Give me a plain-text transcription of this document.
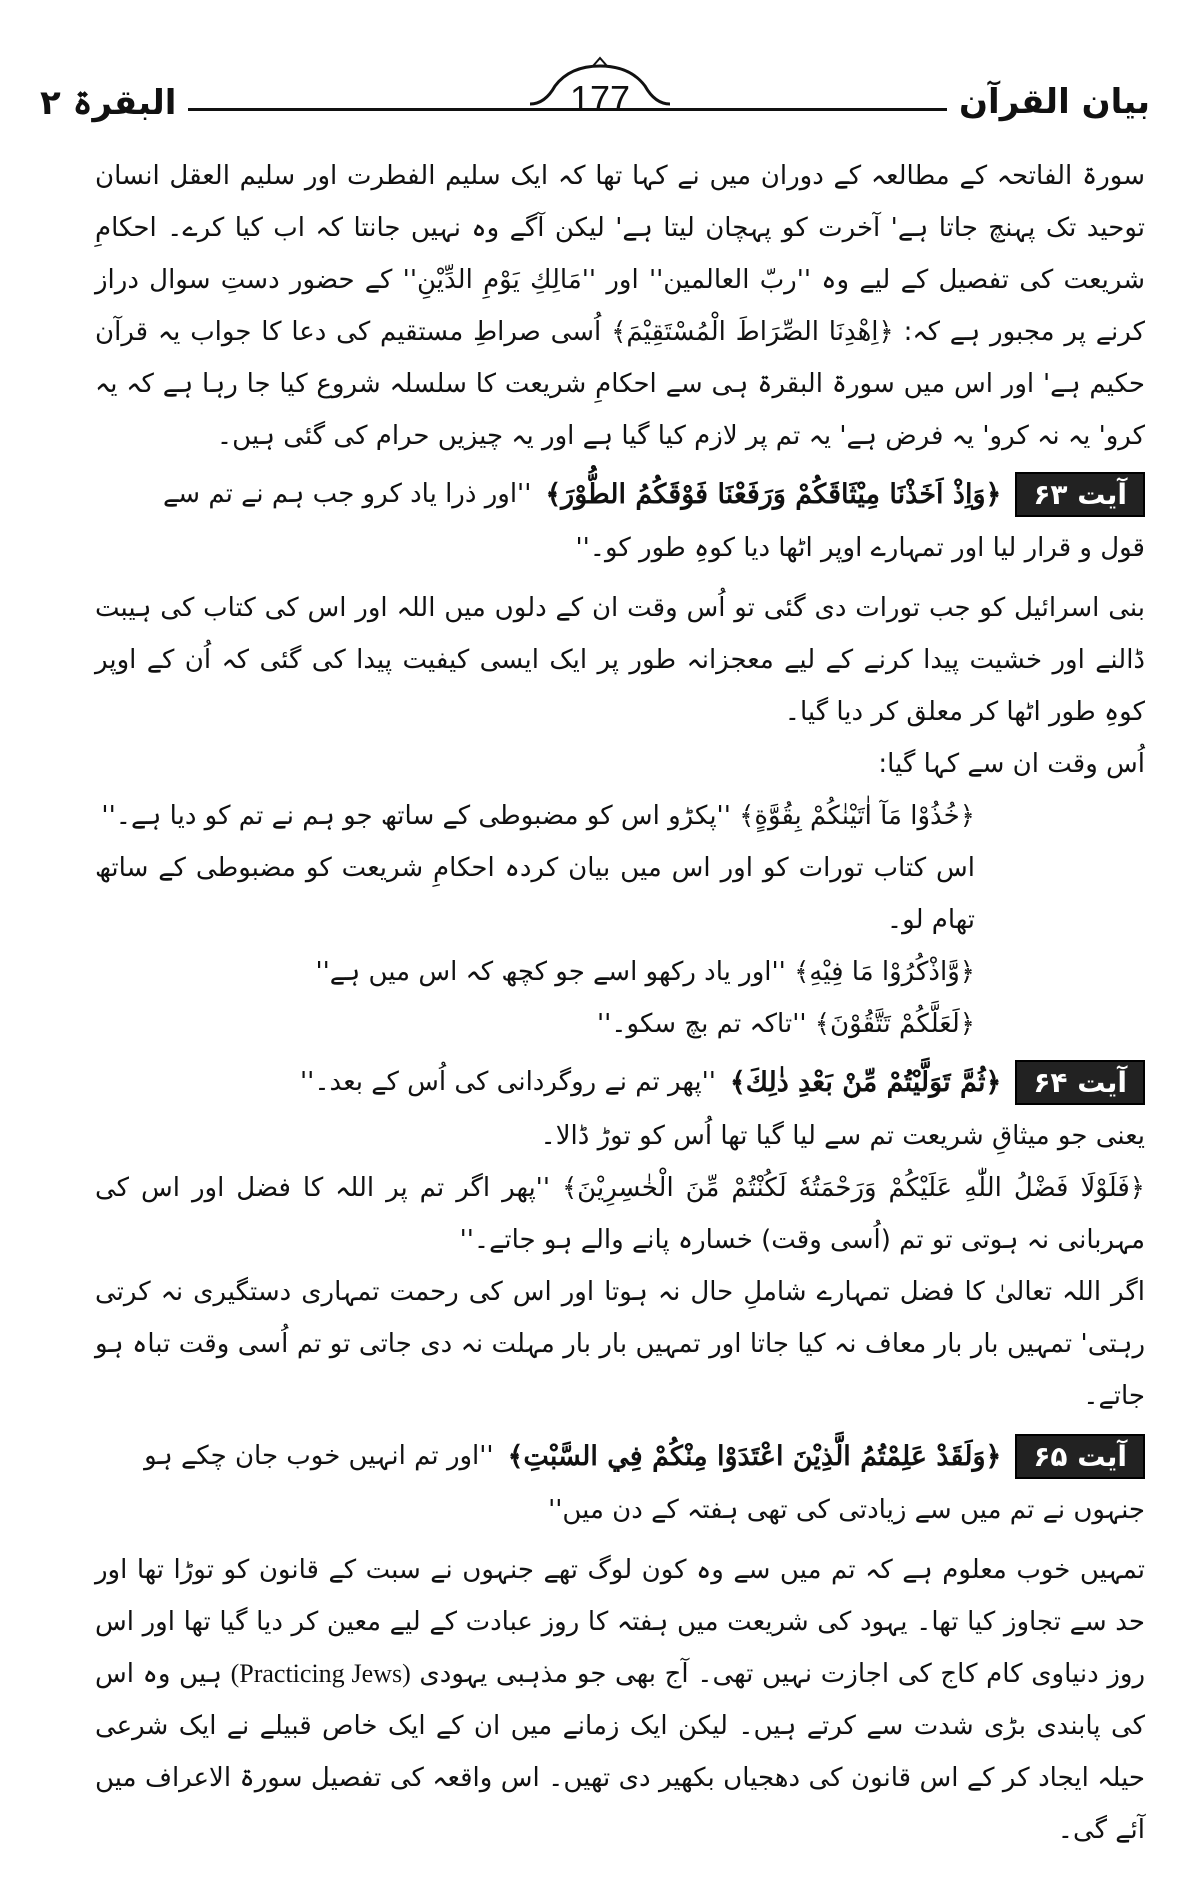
البقرۃ ۲	177	بیان القرآن

سورۃ الفاتحہ کے مطالعہ کے دوران میں نے کہا تھا کہ ایک سلیم الفطرت اور سلیم العقل انسان توحید تک پہنچ جاتا ہے' آخرت کو پہچان لیتا ہے' لیکن آگے وہ نہیں جانتا کہ اب کیا کرے۔ احکامِ شریعت کی تفصیل کے لیے وہ ''ربّ العالمین'' اور ''مَالِكِ يَوْمِ الدِّيْنِ'' کے حضور دستِ سوال دراز کرنے پر مجبور ہے کہ: ﴿اِهْدِنَا الصِّرَاطَ الْمُسْتَقِيْمَ﴾ اُسی صراطِ مستقیم کی دعا کا جواب یہ قرآن حکیم ہے' اور اس میں سورۃ البقرۃ ہی سے احکامِ شریعت کا سلسلہ شروع کیا جا رہا ہے کہ یہ کرو' یہ نہ کرو' یہ فرض ہے' یہ تم پر لازم کیا گیا ہے اور یہ چیزیں حرام کی گئی ہیں۔

آیت ۶۳
﴿وَاِذْ اَخَذْنَا مِيْثَاقَكُمْ وَرَفَعْنَا فَوْقَكُمُ الطُّوْرَ﴾
''اور ذرا یاد کرو جب ہم نے تم سے

قول و قرار لیا اور تمہارے اوپر اٹھا دیا کوہِ طور کو۔''

بنی اسرائیل کو جب تورات دی گئی تو اُس وقت ان کے دلوں میں اللہ اور اس کی کتاب کی ہیبت ڈالنے اور خشیت پیدا کرنے کے لیے معجزانہ طور پر ایک ایسی کیفیت پیدا کی گئی کہ اُن کے اوپر کوہِ طور اٹھا کر معلق کر دیا گیا۔

اُس وقت ان سے کہا گیا:

﴿خُذُوْا مَآ اٰتَيْنٰكُمْ بِقُوَّةٍ﴾ ''پکڑو اس کو مضبوطی کے ساتھ جو ہم نے تم کو دیا ہے۔''

اس کتاب تورات کو اور اس میں بیان کردہ احکامِ شریعت کو مضبوطی کے ساتھ تھام لو۔

﴿وَّاذْكُرُوْا مَا فِيْهِ﴾ ''اور یاد رکھو اسے جو کچھ کہ اس میں ہے''

﴿لَعَلَّكُمْ تَتَّقُوْنَ﴾ ''تاکہ تم بچ سکو۔''

آیت ۶۴
﴿ثُمَّ تَوَلَّيْتُمْ مِّنْ بَعْدِ ذٰلِكَ﴾
''پھر تم نے روگردانی کی اُس کے بعد۔''

یعنی جو میثاقِ شریعت تم سے لیا گیا تھا اُس کو توڑ ڈالا۔

﴿فَلَوْلَا فَضْلُ اللّٰهِ عَلَيْكُمْ وَرَحْمَتُهٗ لَكُنْتُمْ مِّنَ الْخٰسِرِيْنَ﴾ ''پھر اگر تم پر اللہ کا فضل اور اس کی مہربانی نہ ہوتی تو تم (اُسی وقت) خسارہ پانے والے ہو جاتے۔''

اگر اللہ تعالیٰ کا فضل تمہارے شاملِ حال نہ ہوتا اور اس کی رحمت تمہاری دستگیری نہ کرتی رہتی' تمہیں بار بار معاف نہ کیا جاتا اور تمہیں بار بار مہلت نہ دی جاتی تو تم اُسی وقت تباہ ہو جاتے۔

آیت ۶۵
﴿وَلَقَدْ عَلِمْتُمُ الَّذِيْنَ اعْتَدَوْا مِنْكُمْ فِي السَّبْتِ﴾
''اور تم انہیں خوب جان چکے ہو

جنہوں نے تم میں سے زیادتی کی تھی ہفتہ کے دن میں''

تمہیں خوب معلوم ہے کہ تم میں سے وہ کون لوگ تھے جنہوں نے سبت کے قانون کو توڑا تھا اور حد سے تجاوز کیا تھا۔ یہود کی شریعت میں ہفتہ کا روز عبادت کے لیے معین کر دیا گیا تھا اور اس روز دنیاوی کام کاج کی اجازت نہیں تھی۔ آج بھی جو مذہبی یہودی (Practicing Jews) ہیں وہ اس کی پابندی بڑی شدت سے کرتے ہیں۔ لیکن ایک زمانے میں ان کے ایک خاص قبیلے نے ایک شرعی حیلہ ایجاد کر کے اس قانون کی دھجیاں بکھیر دی تھیں۔ اس واقعہ کی تفصیل سورۃ الاعراف میں آئے گی۔
